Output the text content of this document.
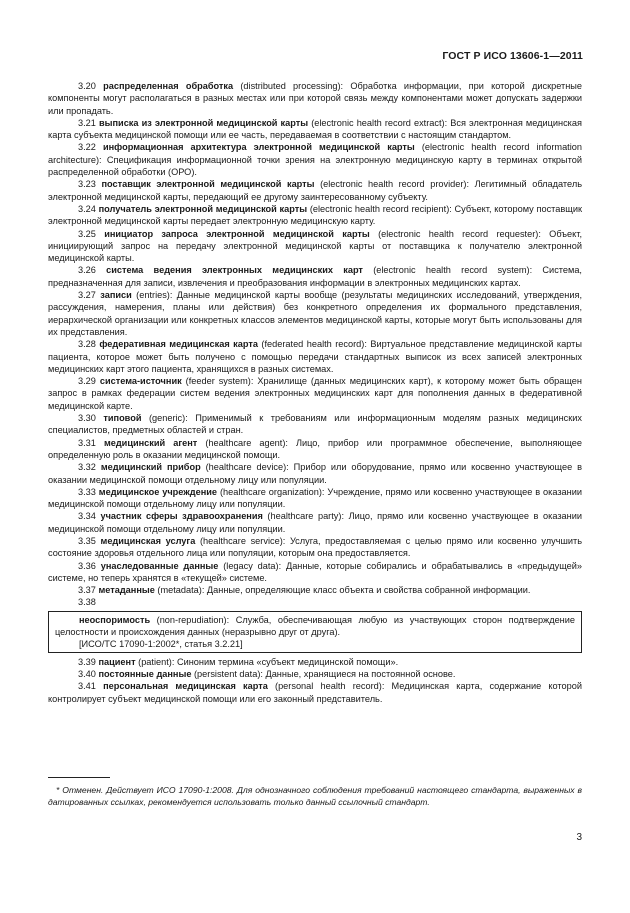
ГОСТ Р ИСО 13606-1—2011

3.20 распределенная обработка (distributed processing): Обработка информации, при которой дискретные компоненты могут располагаться в разных местах или при которой связь между компонентами может допускать задержки или пропадать.

3.21 выписка из электронной медицинской карты (electronic health record extract): Вся электронная медицинская карта субъекта медицинской помощи или ее часть, передаваемая в соответствии с настоящим стандартом.

3.22 информационная архитектура электронной медицинской карты (electronic health record information architecture): Спецификация информационной точки зрения на электронную медицинскую карту в терминах открытой распределенной обработки (ОРО).

3.23 поставщик электронной медицинской карты (electronic health record provider): Легитимный обладатель электронной медицинской карты, передающий ее другому заинтересованному субъекту.

3.24 получатель электронной медицинской карты (electronic health record recipient): Субъект, которому поставщик электронной медицинской карты передает электронную медицинскую карту.

3.25 инициатор запроса электронной медицинской карты (electronic health record requester): Объект, инициирующий запрос на передачу электронной медицинской карты от поставщика к получателю электронной медицинской карты.

3.26 система ведения электронных медицинских карт (electronic health record system): Система, предназначенная для записи, извлечения и преобразования информации в электронных медицинских картах.

3.27 записи (entries): Данные медицинской карты вообще (результаты медицинских исследований, утверждения, рассуждения, намерения, планы или действия) без конкретного определения их формального представления, иерархической организации или конкретных классов элементов медицинской карты, которые могут быть использованы для их представления.

3.28 федеративная медицинская карта (federated health record): Виртуальное представление медицинской карты пациента, которое может быть получено с помощью передачи стандартных выписок из всех записей электронных медицинских карт этого пациента, хранящихся в разных системах.

3.29 система-источник (feeder system): Хранилище (данных медицинских карт), к которому может быть обращен запрос в рамках федерации систем ведения электронных медицинских карт для пополнения данных в федеративной медицинской карте.

3.30 типовой (generic): Применимый к требованиям или информационным моделям разных медицинских специалистов, предметных областей и стран.

3.31 медицинский агент (healthcare agent): Лицо, прибор или программное обеспечение, выполняющее определенную роль в оказании медицинской помощи.

3.32 медицинский прибор (healthcare device): Прибор или оборудование, прямо или косвенно участвующее в оказании медицинской помощи отдельному лицу или популяции.

3.33 медицинское учреждение (healthcare organization): Учреждение, прямо или косвенно участвующее в оказании медицинской помощи отдельному лицу или популяции.

3.34 участник сферы здравоохранения (healthcare party): Лицо, прямо или косвенно участвующее в оказании медицинской помощи отдельному лицу или популяции.

3.35 медицинская услуга (healthcare service): Услуга, предоставляемая с целью прямо или косвенно улучшить состояние здоровья отдельного лица или популяции, которым она предоставляется.

3.36 унаследованные данные (legacy data): Данные, которые собирались и обрабатывались в «предыдущей» системе, но теперь хранятся в «текущей» системе.

3.37 метаданные (metadata): Данные, определяющие класс объекта и свойства собранной информации.

3.38

неоспоримость (non-repudiation): Служба, обеспечивающая любую из участвующих сторон подтверждение целостности и происхождения данных (неразрывно друг от друга).

[ИСО/ТС 17090-1:2002*, статья 3.2.21]

3.39 пациент (patient): Синоним термина «субъект медицинской помощи».

3.40 постоянные данные (persistent data): Данные, хранящиеся на постоянной основе.

3.41 персональная медицинская карта (personal health record): Медицинская карта, содержание которой контролирует субъект медицинской помощи или его законный представитель.

* Отменен. Действует ИСО 17090-1:2008. Для однозначного соблюдения требований настоящего стандарта, выраженных в датированных ссылках, рекомендуется использовать только данный ссылочный стандарт.
3
